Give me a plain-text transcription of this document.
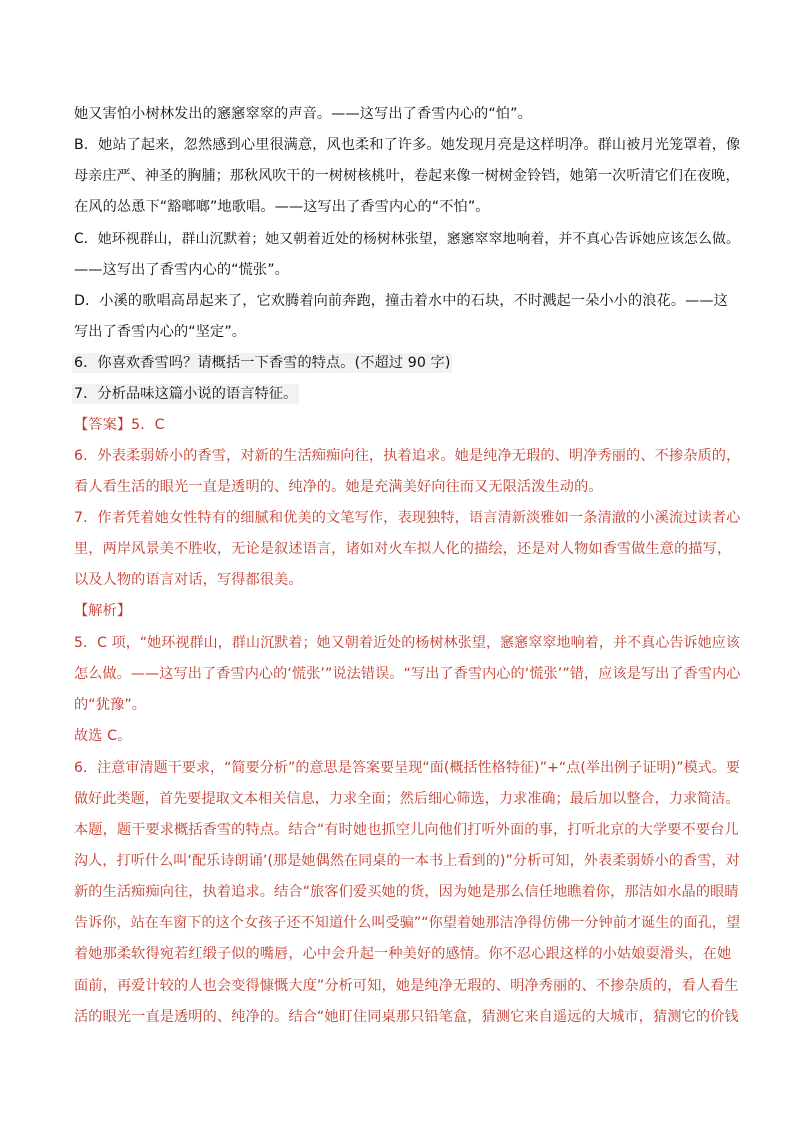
她又害怕小树林发出的窸窸窣窣的声音。——这写出了香雪内心的“怕”。
B．她站了起来，忽然感到心里很满意，风也柔和了许多。她发现月亮是这样明净。群山被月光笼罩着，像
母亲庄严、神圣的胸脯；那秋风吹干的一树树核桃叶，卷起来像一树树金铃铛，她第一次听清它们在夜晚，
在风的怂恿下“豁啷啷”地歌唱。——这写出了香雪内心的“不怕”。
C．她环视群山，群山沉默着；她又朝着近处的杨树林张望，窸窸窣窣地响着，并不真心告诉她应该怎么做。
——这写出了香雪内心的“慌张”。
D．小溪的歌唱高昂起来了，它欢腾着向前奔跑，撞击着水中的石块，不时溅起一朵小小的浪花。——这
写出了香雪内心的“坚定”。
6．你喜欢香雪吗？请概括一下香雪的特点。(不超过 90 字)
7．分析品味这篇小说的语言特征。
【答案】5．C
6．外表柔弱娇小的香雪，对新的生活痴痴向往，执着追求。她是纯净无瑕的、明净秀丽的、不掺杂质的，
看人看生活的眼光一直是透明的、纯净的。她是充满美好向往而又无限活泼生动的。
7．作者凭着她女性特有的细腻和优美的文笔写作，表现独特，语言清新淡雅如一条清澈的小溪流过读者心
里，两岸风景美不胜收，无论是叙述语言，诸如对火车拟人化的描绘，还是对人物如香雪做生意的描写，
以及人物的语言对话，写得都很美。
【解析】
5．C 项，“她环视群山，群山沉默着；她又朝着近处的杨树林张望，窸窸窣窣地响着，并不真心告诉她应该
怎么做。——这写出了香雪内心的‘慌张’”说法错误。“写出了香雪内心的‘慌张’”错，应该是写出了香雪内心
的“犹豫”。
故选 C。
6．注意审清题干要求，“简要分析”的意思是答案要呈现“面(概括性格特征)”+“点(举出例子证明)”模式。要
做好此类题，首先要提取文本相关信息，力求全面；然后细心筛选，力求准确；最后加以整合，力求简洁。
本题，题干要求概括香雪的特点。结合“有时她也抓空儿向他们打听外面的事，打听北京的大学要不要台儿
沟人，打听什么叫‘配乐诗朗诵’(那是她偶然在同桌的一本书上看到的)”分析可知，外表柔弱娇小的香雪，对
新的生活痴痴向往，执着追求。结合“旅客们爱买她的货，因为她是那么信任地瞧着你，那洁如水晶的眼睛
告诉你，站在车窗下的这个女孩子还不知道什么叫受骗”“你望着她那洁净得仿佛一分钟前才诞生的面孔，望
着她那柔软得宛若红缎子似的嘴唇，心中会升起一种美好的感情。你不忍心跟这样的小姑娘耍滑头，在她
面前，再爱计较的人也会变得慷慨大度”分析可知，她是纯净无瑕的、明净秀丽的、不掺杂质的，看人看生
活的眼光一直是透明的、纯净的。结合“她盯住同桌那只铅笔盒，猜测它来自遥远的大城市，猜测它的价钱
